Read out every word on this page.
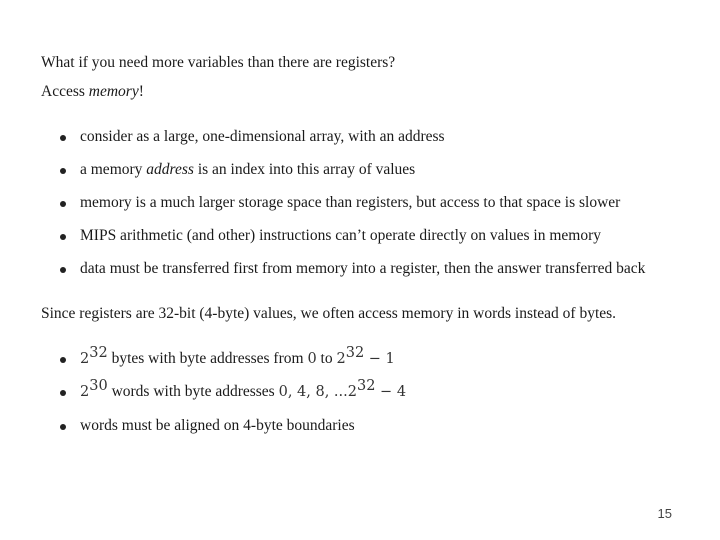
What if you need more variables than there are registers?
Access memory!
consider as a large, one-dimensional array, with an address
a memory address is an index into this array of values
memory is a much larger storage space than registers, but access to that space is slower
MIPS arithmetic (and other) instructions can’t operate directly on values in memory
data must be transferred first from memory into a register, then the answer transferred back
Since registers are 32-bit (4-byte) values, we often access memory in words instead of bytes.
$2^{32}$ bytes with byte addresses from 0 to $2^{32} - 1$
$2^{30}$ words with byte addresses 0, 4, 8, $...2^{32} - 4$
words must be aligned on 4-byte boundaries
15
